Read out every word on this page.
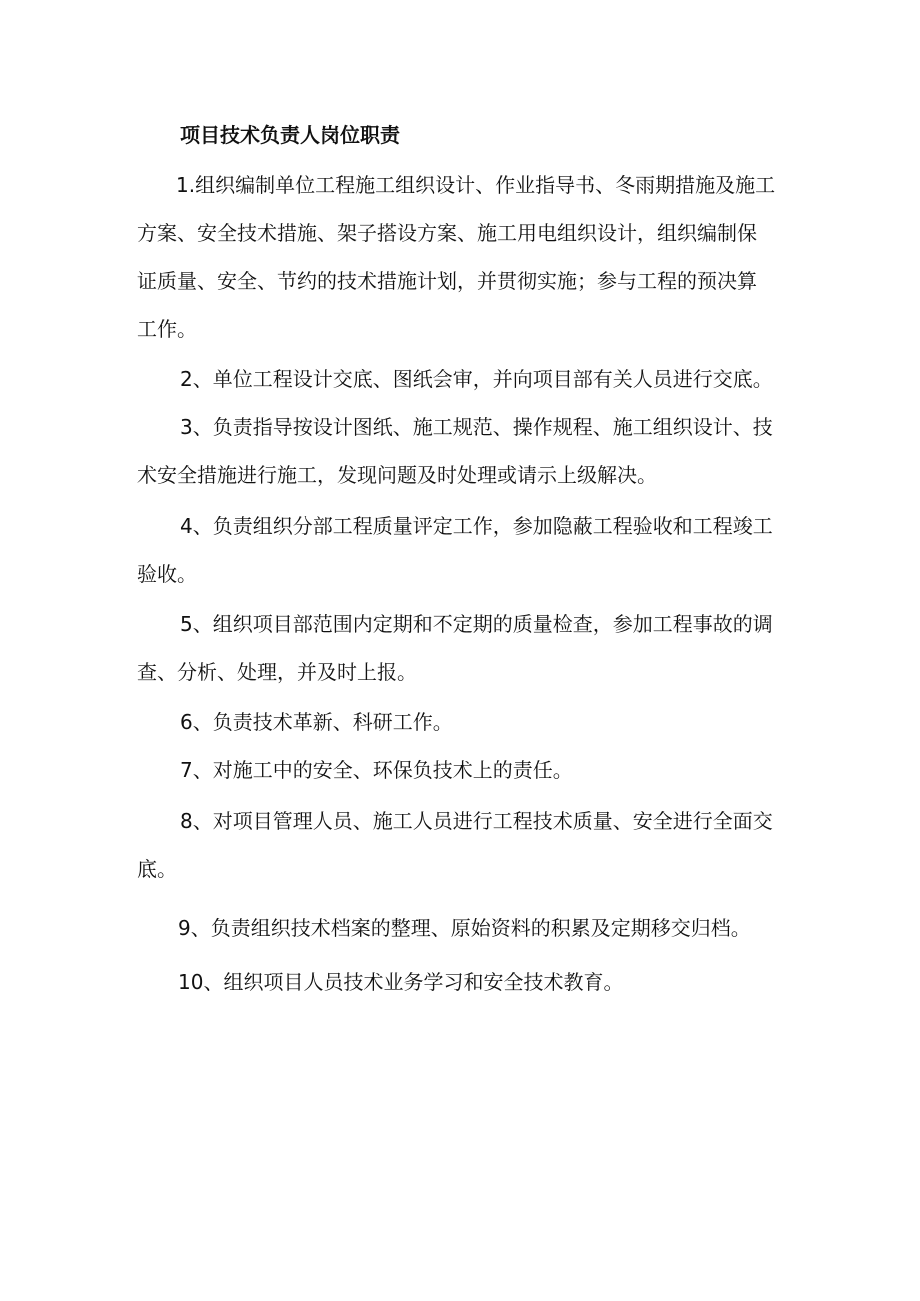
项目技术负责人岗位职责
1.组织编制单位工程施工组织设计、作业指导书、冬雨期措施及施工
方案、安全技术措施、架子搭设方案、施工用电组织设计，组织编制保
证质量、安全、节约的技术措施计划，并贯彻实施；参与工程的预决算
工作。
2、单位工程设计交底、图纸会审，并向项目部有关人员进行交底。
3、负责指导按设计图纸、施工规范、操作规程、施工组织设计、技
术安全措施进行施工，发现问题及时处理或请示上级解决。
4、负责组织分部工程质量评定工作，参加隐蔽工程验收和工程竣工
验收。
5、组织项目部范围内定期和不定期的质量检查，参加工程事故的调
查、分析、处理，并及时上报。
6、负责技术革新、科研工作。
7、对施工中的安全、环保负技术上的责任。
8、对项目管理人员、施工人员进行工程技术质量、安全进行全面交
底。
9、负责组织技术档案的整理、原始资料的积累及定期移交归档。
10、组织项目人员技术业务学习和安全技术教育。
